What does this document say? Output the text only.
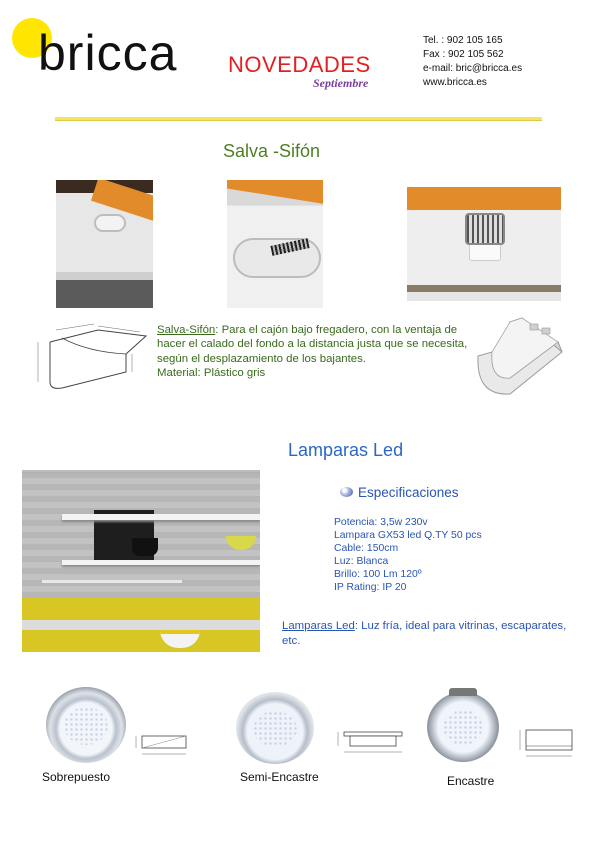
bricca NOVEDADES
Septiembre
Tel. : 902 105 165
Fax : 902 105 562
e-mail: bric@bricca.es
www.bricca.es
Salva -Sifón
Salva-Sifón: Para el cajón bajo fregadero, con la ventaja de hacer el calado del fondo a la distancia justa que se necesita, según el desplazamiento de los bajantes.
Material: Plástico gris
Lamparas Led
Especificaciones
Potencia: 3,5w 230v
Lampara GX53 led Q.TY 50 pcs
Cable: 150cm
Luz: Blanca
Brillo: 100 Lm 120º
IP Rating: IP 20
Lamparas Led: Luz fría, ideal para vitrinas, escaparates, etc.
Sobrepuesto	Semi-Encastre	Encastre
